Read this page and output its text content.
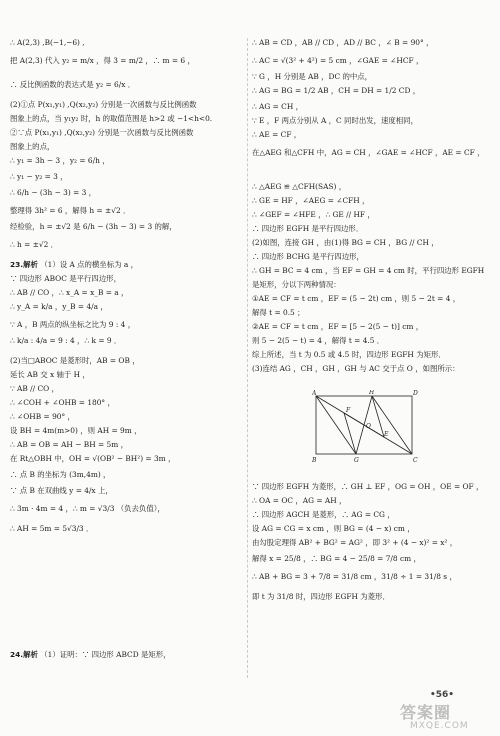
∴ A(2,3) ,B(−1,−6) ,
把 A(2,3) 代入 y₂ = m/x ，得 3 = m/2 ，∴ m = 6 ，
∴ 反比例函数的表达式是 y₂ = 6/x ．
(2)①点 P(x₁,y₁) ,Q(x₂,y₂) 分别是一次函数与反比例函数
图象上的点，当 y₁y₂ 时，h 的取值范围是 h>2 或 −1<h<0.
②∵点 P(x₁,y₁) ,Q(x₂,y₂) 分别是一次函数与反比例函数
图象上的点，
∴ y₁ = 3h − 3 ，y₂ = 6/h ，
∴ y₁ − y₂ = 3 ，
∴ 6/h − (3h − 3) = 3 ，
整理得 3h² = 6 ，解得 h = ±√2 ．
经检验，h = ±√2 是 6/h − (3h − 3) = 3 的解，
∴ h = ±√2 ．
23.解析 （1）设 A 点的横坐标为 a ，
∵ 四边形 ABOC 是平行四边形，
∴ AB // CO ，∴ x_A = x_B = a ，
∴ y_A = k/a ，y_B = 4/a ，
∵ A ，B 两点的纵坐标之比为 9 : 4 ，
∴ k/a : 4/a = 9 : 4 ，∴ k = 9 ．
(2)当□ABOC 是菱形时，AB = OB ，
延长 AB 交 x 轴于 H ，
∵ AB // CO ，
∴ ∠COH + ∠OHB = 180° ，
∴ ∠OHB = 90° ，
设 BH = 4m(m>0) ，则 AH = 9m ，
∴ AB = OB = AH − BH = 5m ，
在 Rt△OBH 中，OH = √(OB² − BH²) = 3m ，
∴ 点 B 的坐标为 (3m,4m) ，
∵ 点 B 在双曲线 y = 4/x 上，
∴ 3m · 4m = 4 ，∴ m = √3/3 （负去负值），
∴ AH = 5m = 5√3/3 ．
24.解析 （1）证明：∵ 四边形 ABCD 是矩形，
∴ AB = CD ，AB // CD ，AD // BC ，∠ B = 90° ，
∴ AC = √(3² + 4²) = 5 cm ，∠GAE = ∠HCF ，
∵ G ，H 分别是 AB ，DC 的中点，
∴ AG = BG = 1/2 AB ，CH = DH = 1/2 CD ，
∴ AG = CH ，
∵ E ，F 两点分别从 A ，C 同时出发，速度相同，
∴ AE = CF ，
在△AEG 和△CFH 中，AG = CH ，∠GAE = ∠HCF ，AE = CF ，
∴ △AEG ≌ △CFH(SAS) ，
∴ GE = HF ，∠AEG = ∠CFH ，
∴ ∠GEF = ∠HFE ，∴ GE // HF ，
∴ 四边形 EGFH 是平行四边形．
(2)如图，连接 GH ，由(1)得 BG = CH ，BG // CH ，
∴ 四边形 BCHG 是平行四边形，
∴ GH = BC = 4 cm ，当 EF = GH = 4 cm 时，平行四边形 EGFH
是矩形，分以下两种情况：
①AE = CF = t cm ，EF = (5 − 2t) cm ，则 5 − 2t = 4 ，
解得 t = 0.5 ；
②AE = CF = t cm ，EF = [5 − 2(5 − t)] cm ，
则 5 − 2(5 − t) = 4 ，解得 t = 4.5 ．
综上所述，当 t 为 0.5 或 4.5 时，四边形 EGFH 为矩形．
(3)连结 AG ，CH ，GH ，GH 与 AC 交于点 O ，如图所示：
∵ 四边形 EGFH 为菱形，∴ GH ⊥ EF ，OG = OH ，OE = OF ，
∴ OA = OC ，AG = AH ，
∴ 四边形 AGCH 是菱形，∴ AG = CG ，
设 AG = CG = x cm ，则 BG = (4 − x) cm ，
由勾股定理得 AB² + BG² = AG² ，即 3² + (4 − x)² = x² ，
解得 x = 25/8 ，∴ BG = 4 − 25/8 = 7/8 cm ，
∴ AB + BG = 3 + 7/8 = 31/8 cm ，31/8 ÷ 1 = 31/8 s ，
即 t 为 31/8 时，四边形 EGFH 为菱形．
A	D
H
F
O
E
B	G	C
•56•
答案圈
MXQE.COM
